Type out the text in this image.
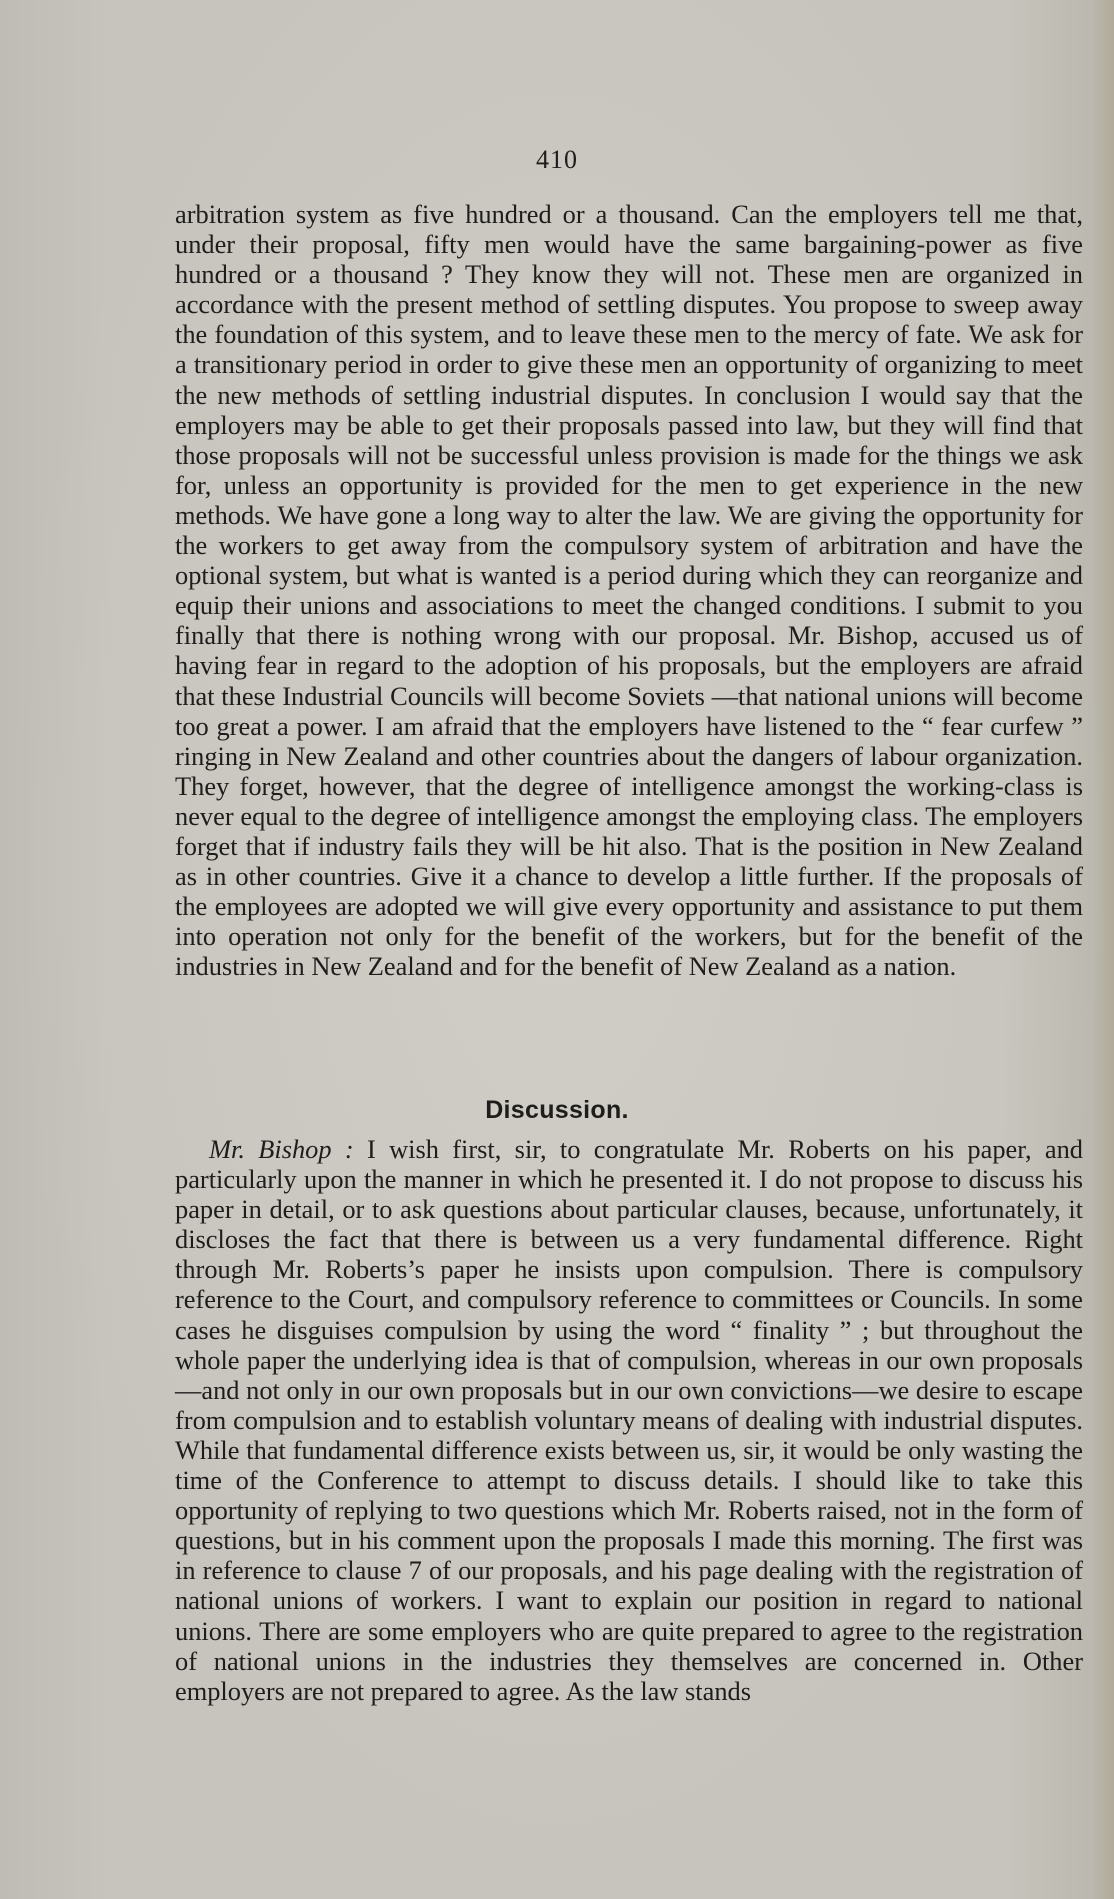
410

arbitration system as five hundred or a thousand. Can the employers tell me that, under their proposal, fifty men would have the same bargaining-power as five hundred or a thousand ? They know they will not. These men are organized in accordance with the present method of settling disputes. You propose to sweep away the foundation of this system, and to leave these men to the mercy of fate. We ask for a transitionary period in order to give these men an opportunity of organizing to meet the new methods of settling industrial disputes. In conclusion I would say that the employers may be able to get their proposals passed into law, but they will find that those proposals will not be successful unless provision is made for the things we ask for, unless an opportunity is provided for the men to get experience in the new methods. We have gone a long way to alter the law. We are giving the opportunity for the workers to get away from the compulsory system of arbitration and have the optional system, but what is wanted is a period during which they can reorganize and equip their unions and associations to meet the changed conditions. I submit to you finally that there is nothing wrong with our proposal. Mr. Bishop, accused us of having fear in regard to the adoption of his proposals, but the employers are afraid that these Industrial Councils will become Soviets —that national unions will become too great a power. I am afraid that the employers have listened to the “ fear curfew ” ringing in New Zealand and other countries about the dangers of labour organization. They forget, however, that the degree of intelligence amongst the working-class is never equal to the degree of intelligence amongst the employing class. The employers forget that if industry fails they will be hit also. That is the position in New Zealand as in other countries. Give it a chance to develop a little further. If the proposals of the employees are adopted we will give every opportunity and assistance to put them into operation not only for the benefit of the workers, but for the benefit of the industries in New Zealand and for the benefit of New Zealand as a nation.

Discussion.

Mr. Bishop : I wish first, sir, to congratulate Mr. Roberts on his paper, and particularly upon the manner in which he presented it. I do not propose to discuss his paper in detail, or to ask questions about particular clauses, because, unfortunately, it discloses the fact that there is between us a very fundamental difference. Right through Mr. Roberts’s paper he insists upon compulsion. There is compulsory reference to the Court, and compulsory reference to committees or Councils. In some cases he disguises compulsion by using the word “ finality ” ; but throughout the whole paper the underlying idea is that of compulsion, whereas in our own proposals—and not only in our own proposals but in our own convictions—we desire to escape from compulsion and to establish voluntary means of dealing with industrial disputes. While that fundamental difference exists between us, sir, it would be only wasting the time of the Conference to attempt to discuss details. I should like to take this opportunity of replying to two questions which Mr. Roberts raised, not in the form of questions, but in his comment upon the proposals I made this morning. The first was in reference to clause 7 of our proposals, and his page dealing with the registration of national unions of workers. I want to explain our position in regard to national unions. There are some employers who are quite prepared to agree to the registration of national unions in the industries they themselves are concerned in. Other employers are not prepared to agree. As the law stands
